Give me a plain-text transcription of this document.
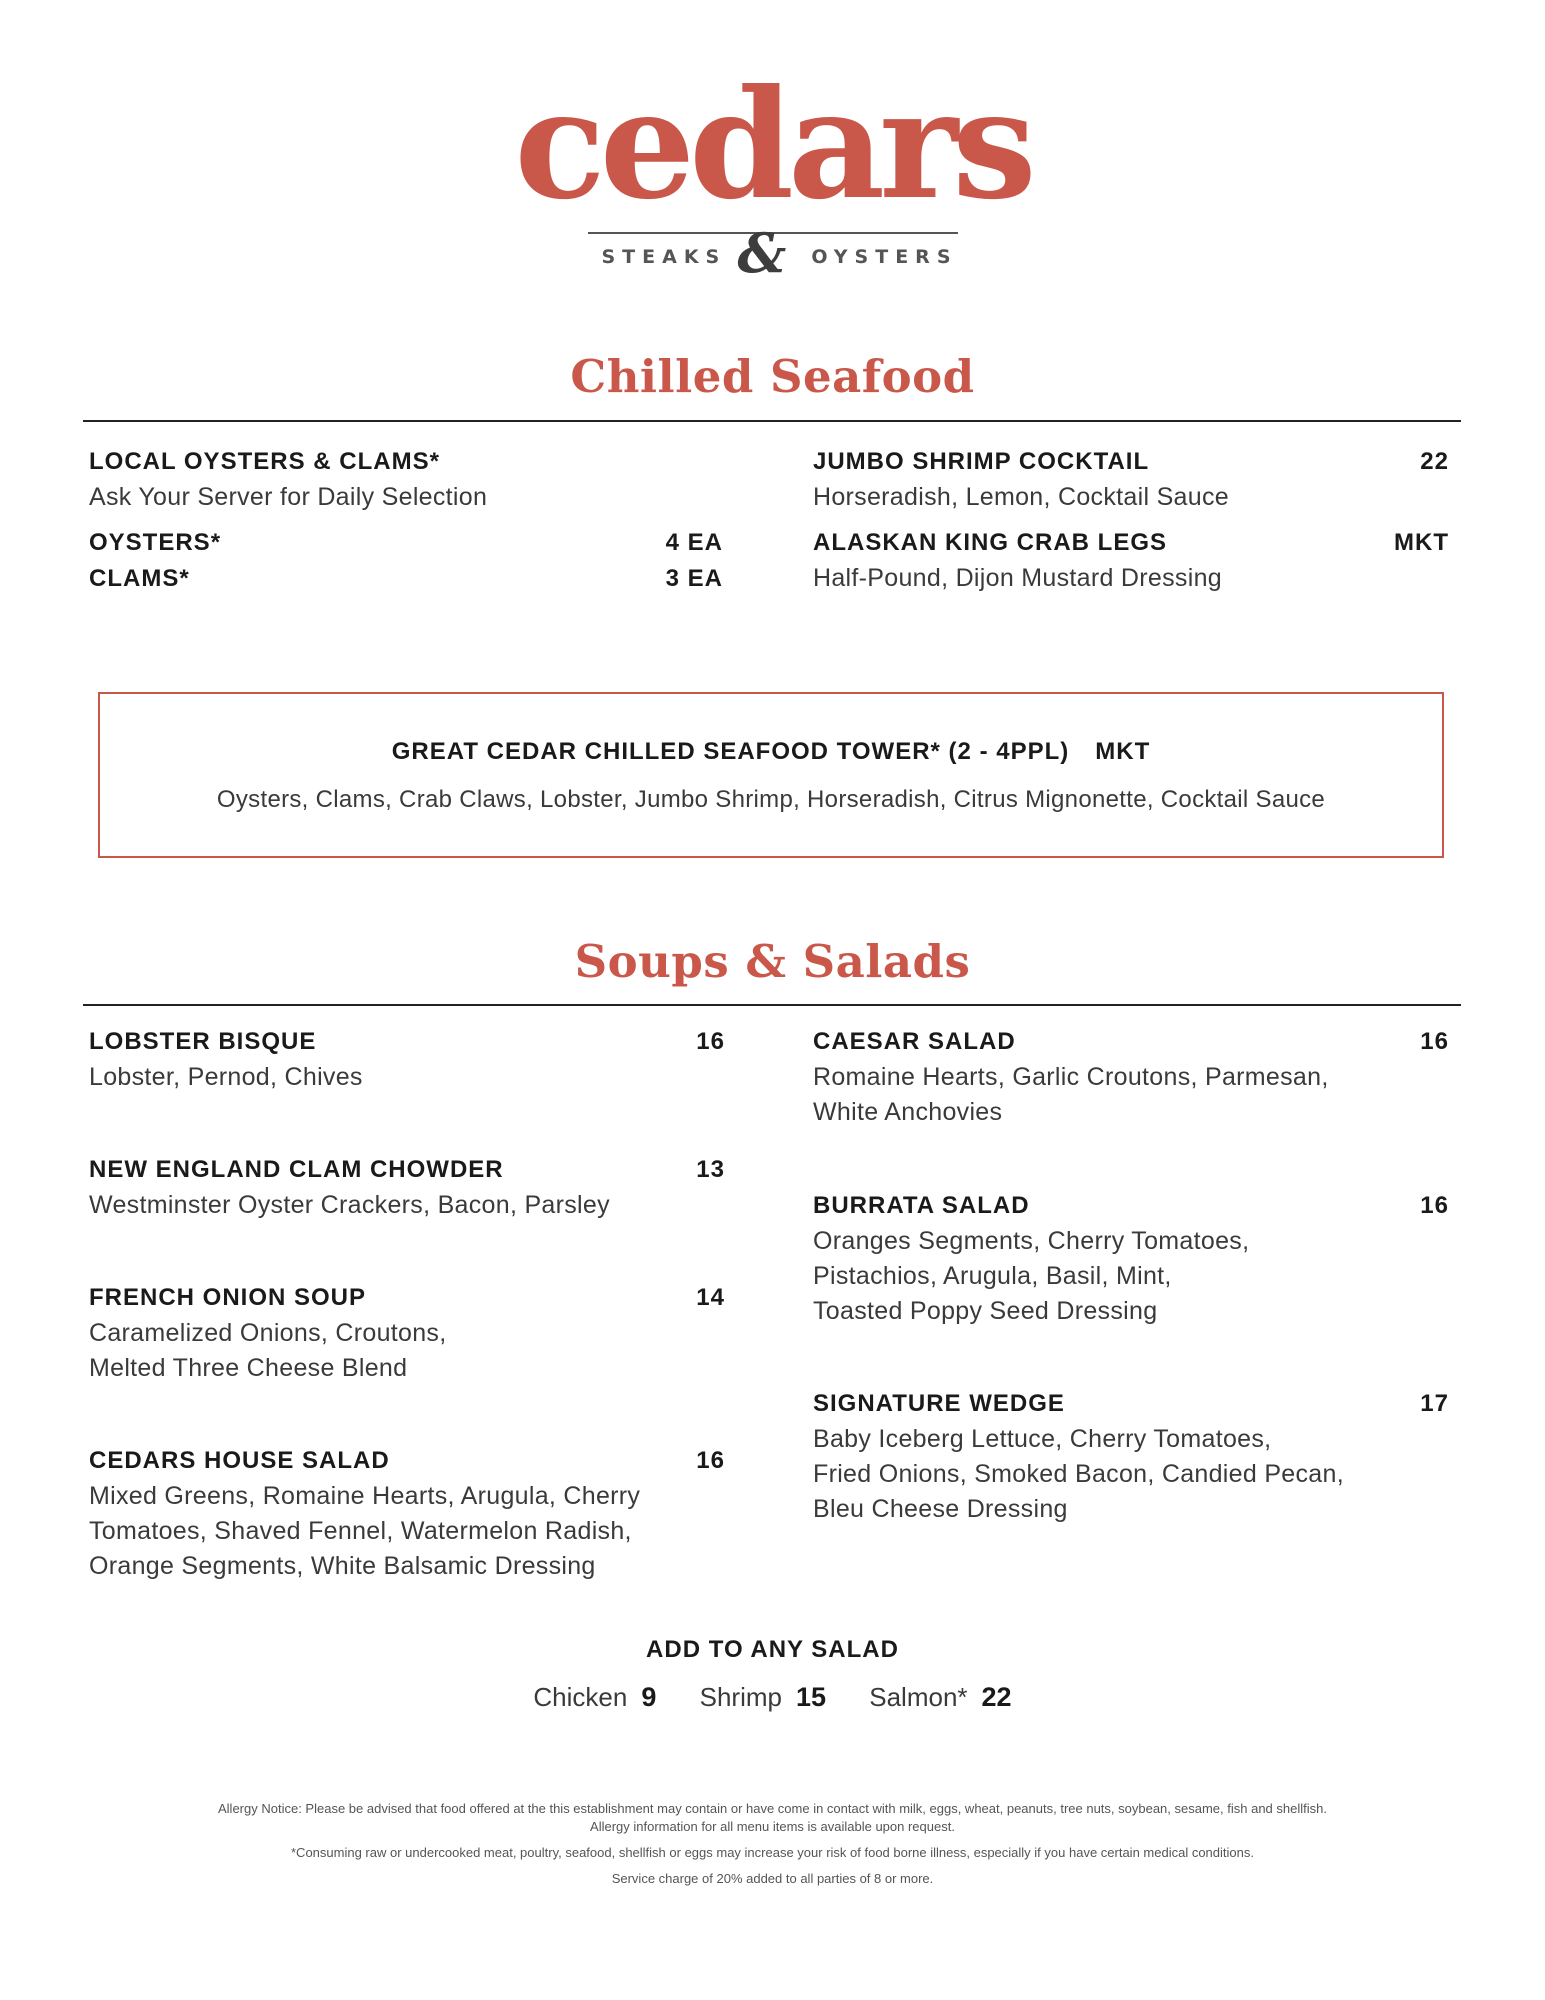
cedars
STEAKS & OYSTERS
Chilled Seafood
LOCAL OYSTERS & CLAMS*
Ask Your Server for Daily Selection
OYSTERS*	4 EA
CLAMS*	3 EA
JUMBO SHRIMP COCKTAIL	22
Horseradish, Lemon, Cocktail Sauce
ALASKAN KING CRAB LEGS	MKT
Half-Pound, Dijon Mustard Dressing
GREAT CEDAR CHILLED SEAFOOD TOWER* (2 - 4PPL) MKT
Oysters, Clams, Crab Claws, Lobster, Jumbo Shrimp, Horseradish, Citrus Mignonette, Cocktail Sauce
Soups & Salads
LOBSTER BISQUE	16
Lobster, Pernod, Chives
NEW ENGLAND CLAM CHOWDER	13
Westminster Oyster Crackers, Bacon, Parsley
FRENCH ONION SOUP	14
Caramelized Onions, Croutons,
Melted Three Cheese Blend
CEDARS HOUSE SALAD	16
Mixed Greens, Romaine Hearts, Arugula, Cherry
Tomatoes, Shaved Fennel, Watermelon Radish,
Orange Segments, White Balsamic Dressing
CAESAR SALAD	16
Romaine Hearts, Garlic Croutons, Parmesan,
White Anchovies
BURRATA SALAD	16
Oranges Segments, Cherry Tomatoes,
Pistachios, Arugula, Basil, Mint,
Toasted Poppy Seed Dressing
SIGNATURE WEDGE	17
Baby Iceberg Lettuce, Cherry Tomatoes,
Fried Onions, Smoked Bacon, Candied Pecan,
Bleu Cheese Dressing
ADD TO ANY SALAD
Chicken 9 Shrimp 15 Salmon* 22

Allergy Notice: Please be advised that food offered at the this establishment may contain or have come in contact with milk, eggs, wheat, peanuts, tree nuts, soybean, sesame, fish and shellfish.

Allergy information for all menu items is available upon request.

*Consuming raw or undercooked meat, poultry, seafood, shellfish or eggs may increase your risk of food borne illness, especially if you have certain medical conditions.

Service charge of 20% added to all parties of 8 or more.
